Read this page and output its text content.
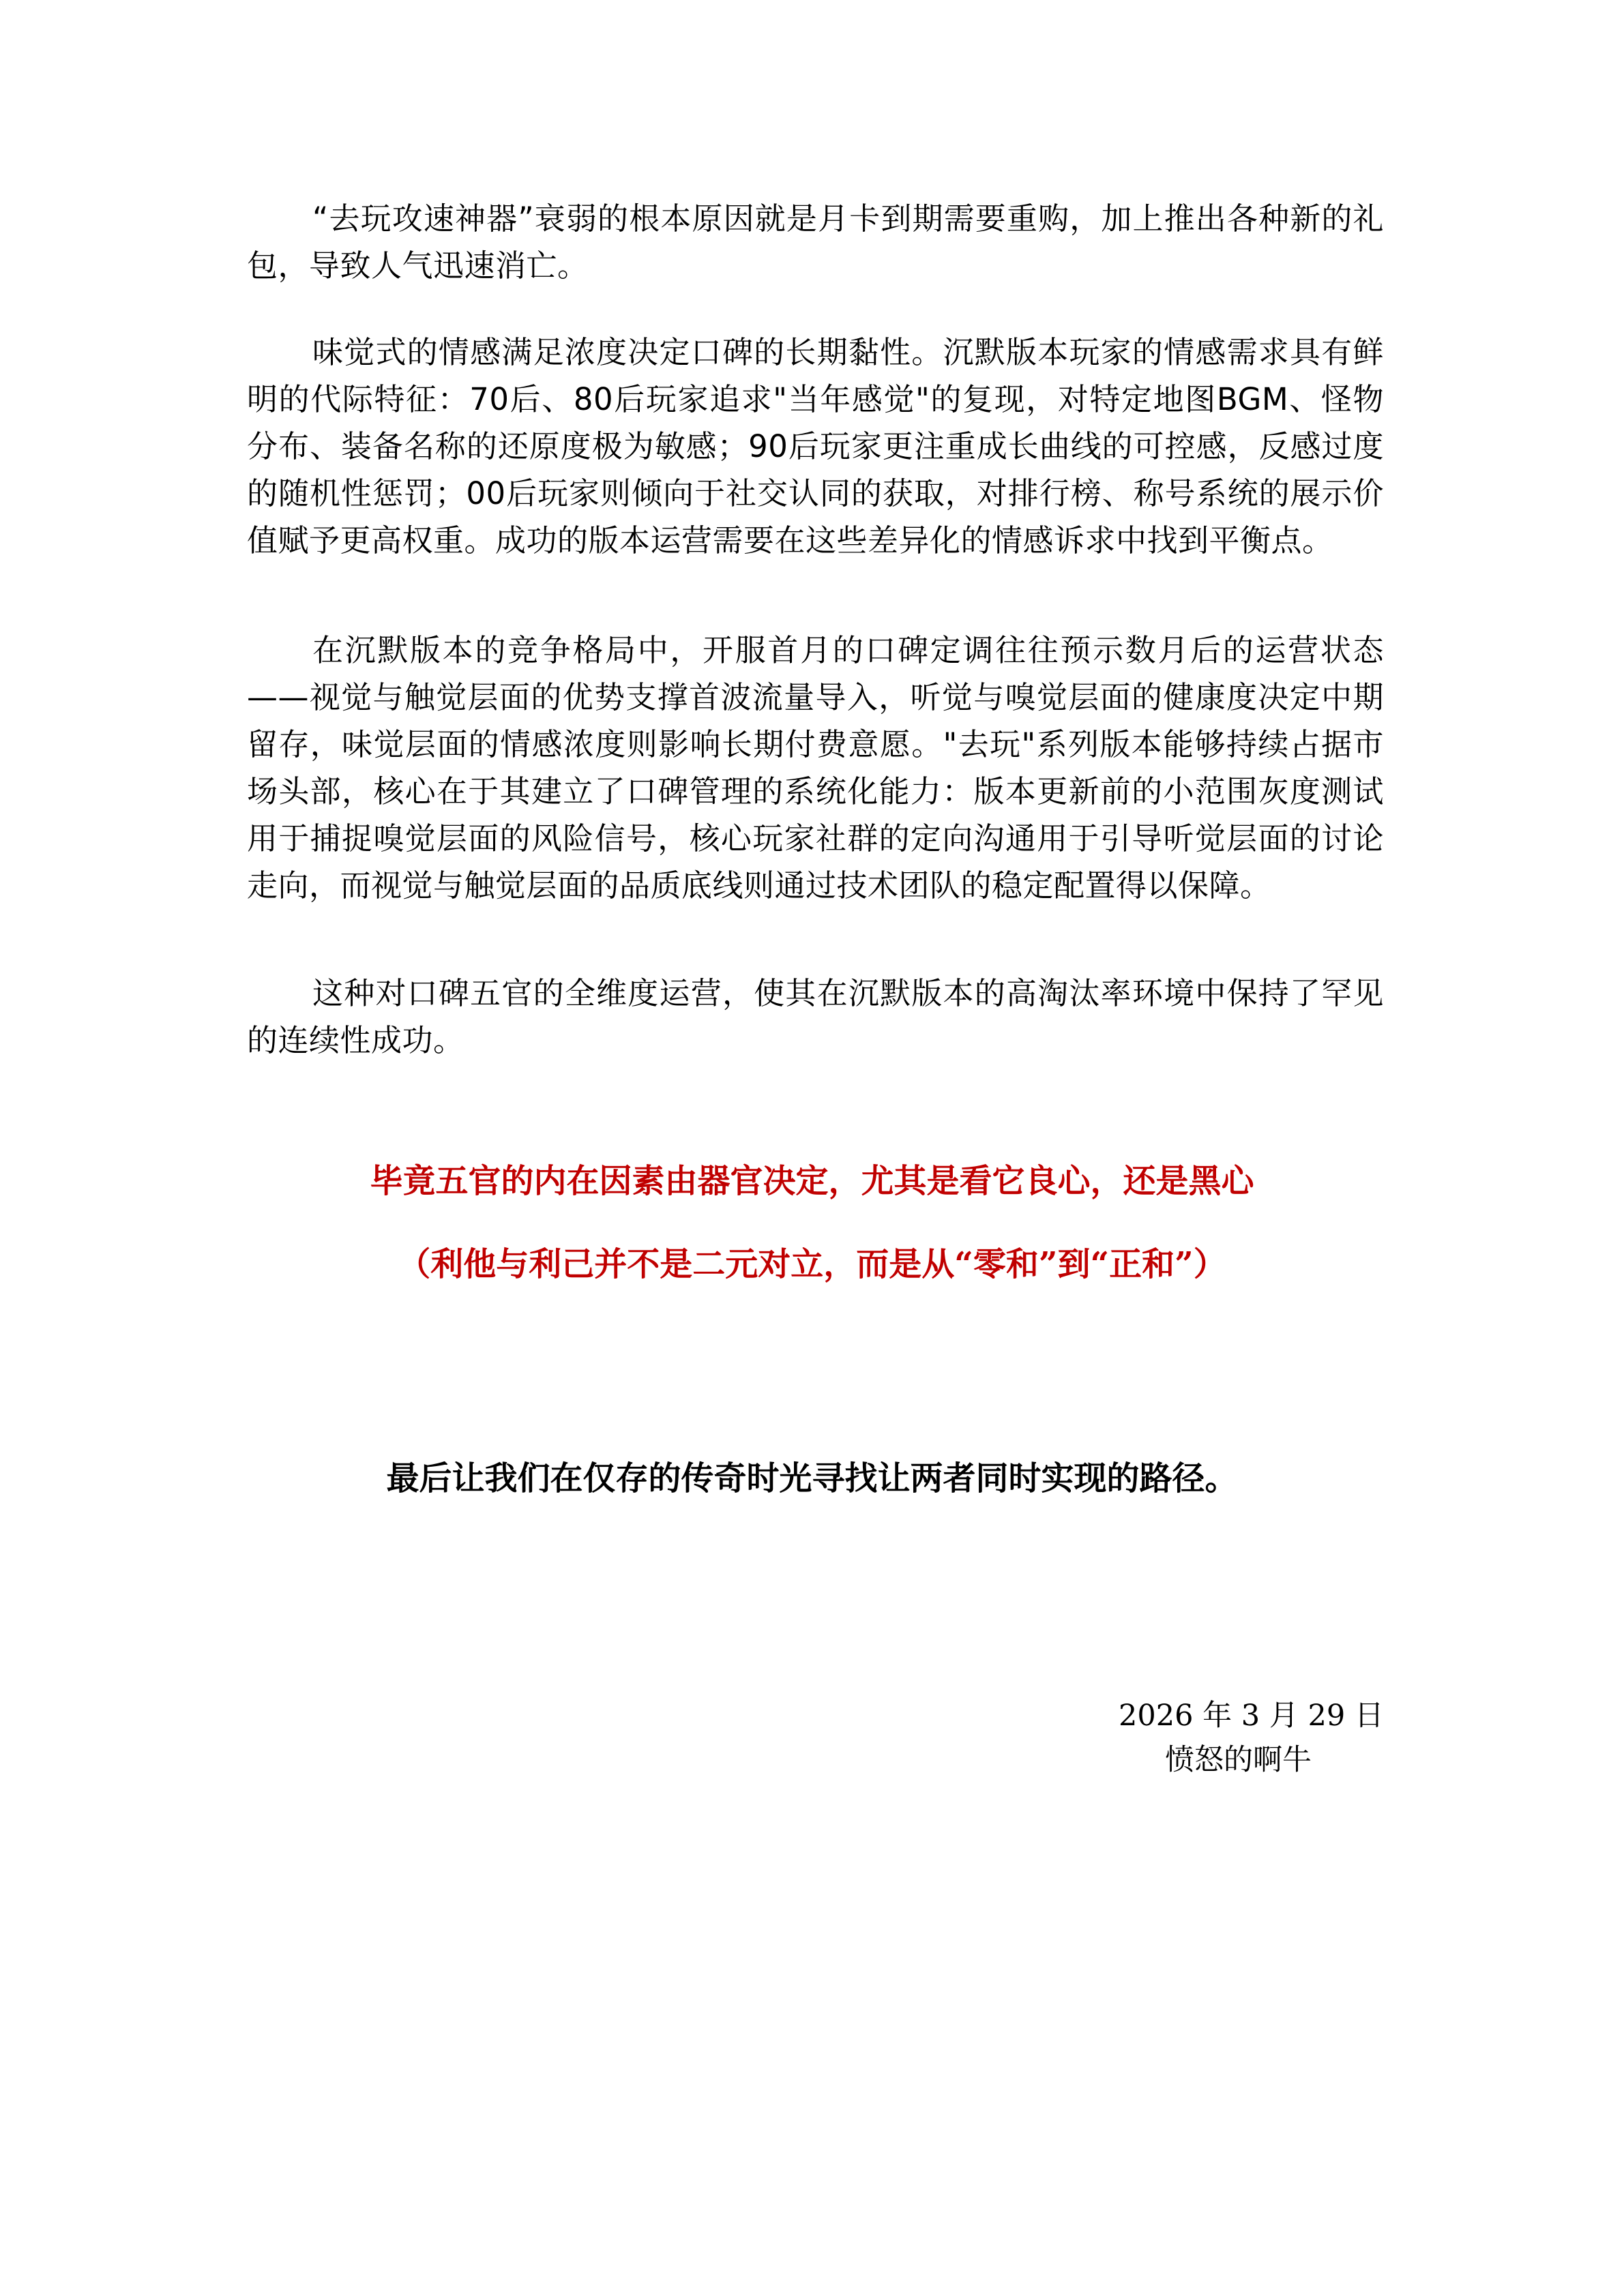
“去玩攻速神器”衰弱的根本原因就是月卡到期需要重购，加上推出各种新的礼包，导致人气迅速消亡。

味觉式的情感满足浓度决定口碑的长期黏性。沉默版本玩家的情感需求具有鲜明的代际特征：70后、80后玩家追求"当年感觉"的复现，对特定地图BGM、怪物分布、装备名称的还原度极为敏感；90后玩家更注重成长曲线的可控感，反感过度的随机性惩罚；00后玩家则倾向于社交认同的获取，对排行榜、称号系统的展示价值赋予更高权重。成功的版本运营需要在这些差异化的情感诉求中找到平衡点。

在沉默版本的竞争格局中，开服首月的口碑定调往往预示数月后的运营状态——视觉与触觉层面的优势支撑首波流量导入，听觉与嗅觉层面的健康度决定中期留存，味觉层面的情感浓度则影响长期付费意愿。"去玩"系列版本能够持续占据市场头部，核心在于其建立了口碑管理的系统化能力：版本更新前的小范围灰度测试用于捕捉嗅觉层面的风险信号，核心玩家社群的定向沟通用于引导听觉层面的讨论走向，而视觉与触觉层面的品质底线则通过技术团队的稳定配置得以保障。

这种对口碑五官的全维度运营，使其在沉默版本的高淘汰率环境中保持了罕见的连续性成功。

毕竟五官的内在因素由器官决定，尤其是看它良心，还是黑心
（利他与利己并不是二元对立，而是从“零和”到“正和”）
最后让我们在仅存的传奇时光寻找让两者同时实现的路径。
2026 年 3 月 29 日
愤怒的啊牛
